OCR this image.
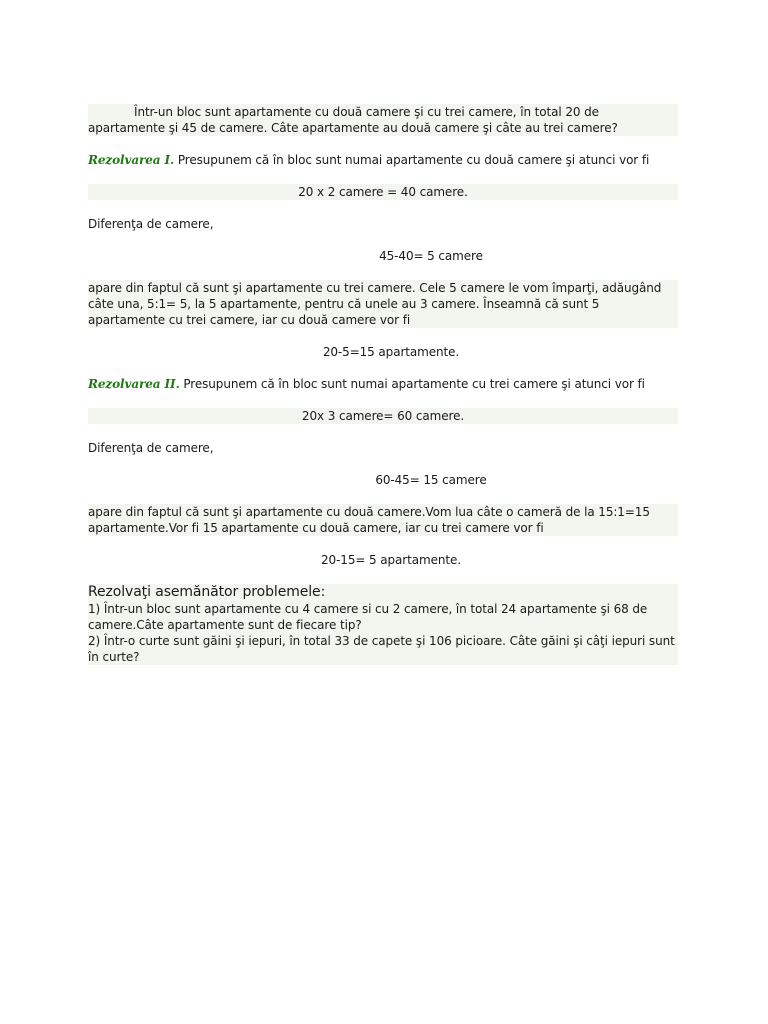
Într-un bloc sunt apartamente cu două camere şi cu trei camere, în total 20 de apartamente şi 45 de camere. Câte apartamente au două camere şi câte au trei camere?

Rezolvarea I. Presupunem că în bloc sunt numai apartamente cu două camere şi atunci vor fi

20 x 2 camere = 40 camere.

Diferenţa de camere,

45-40= 5 camere

apare din faptul că sunt şi apartamente cu trei camere. Cele 5 camere le vom împarţi, adăugând câte una, 5:1= 5, la 5 apartamente, pentru că unele au 3 camere. Înseamnă că sunt 5 apartamente cu trei camere, iar cu două camere vor fi

20-5=15 apartamente.

Rezolvarea II. Presupunem că în bloc sunt numai apartamente cu trei camere şi atunci vor fi

20x 3 camere= 60 camere.

Diferenţa de camere,

60-45= 15 camere

apare din faptul că sunt şi apartamente cu două camere.Vom lua câte o cameră de la 15:1=15 apartamente.Vor fi 15 apartamente cu două camere, iar cu trei camere vor fi

20-15= 5 apartamente.

Rezolvaţi asemănător problemele:

1) Într-un bloc sunt apartamente cu 4 camere si cu 2 camere, în total 24 apartamente şi 68 de camere.Câte apartamente sunt de fiecare tip?

2) Într-o curte sunt găini şi iepuri, în total 33 de capete şi 106 picioare. Câte găini şi câţi iepuri sunt în curte?
